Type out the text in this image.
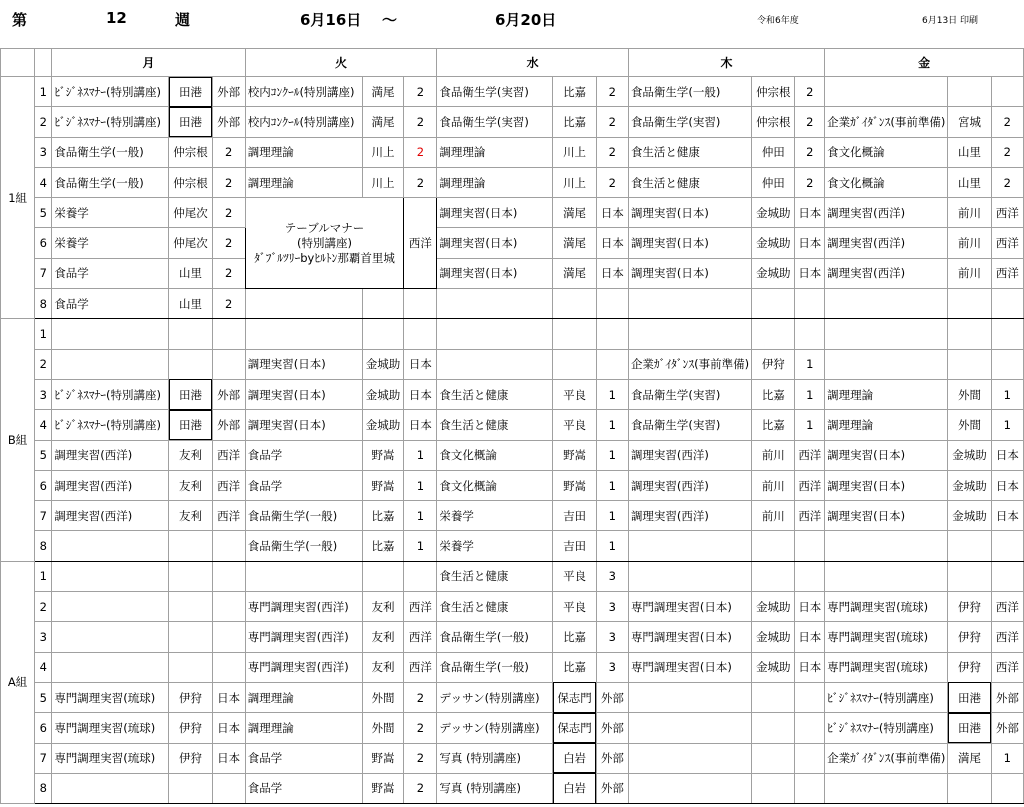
第	12	週	6月16日 ～	6月20日	令和6年度	6月13日 印刷
		月			火			水			木			金		
1組	1	ﾋﾞｼﾞﾈｽﾏﾅｰ(特別講座)	田港	外部	校内ｺﾝｸｰﾙ(特別講座)	満尾	2	食品衛生学(実習)	比嘉	2	食品衛生学(一般)	仲宗根	2			
	2	ﾋﾞｼﾞﾈｽﾏﾅｰ(特別講座)	田港	外部	校内ｺﾝｸｰﾙ(特別講座)	満尾	2	食品衛生学(実習)	比嘉	2	食品衛生学(実習)	仲宗根	2	企業ｶﾞｲﾀﾞﾝｽ(事前準備)	宮城	2
	3	食品衛生学(一般)	仲宗根	2	調理理論	川上	2	調理理論	川上	2	食生活と健康	仲田	2	食文化概論	山里	2
	4	食品衛生学(一般)	仲宗根	2	調理理論	川上	2	調理理論	川上	2	食生活と健康	仲田	2	食文化概論	山里	2
	5	栄養学	仲尾次	2	テーブルマナー
(特別講座)
ﾀﾞﾌﾞﾙﾂﾘｰbyﾋﾙﾄﾝ那覇首里城		西洋	調理実習(日本)	満尾	日本	調理実習(日本)	金城助	日本	調理実習(西洋)	前川	西洋
	6	栄養学	仲尾次	2				調理実習(日本)	満尾	日本	調理実習(日本)	金城助	日本	調理実習(西洋)	前川	西洋
	7	食品学	山里	2				調理実習(日本)	満尾	日本	調理実習(日本)	金城助	日本	調理実習(西洋)	前川	西洋
	8	食品学	山里	2												
B組	1															
	2				調理実習(日本)	金城助	日本				企業ｶﾞｲﾀﾞﾝｽ(事前準備)	伊狩	1			
	3	ﾋﾞｼﾞﾈｽﾏﾅｰ(特別講座)	田港	外部	調理実習(日本)	金城助	日本	食生活と健康	平良	1	食品衛生学(実習)	比嘉	1	調理理論	外間	1
	4	ﾋﾞｼﾞﾈｽﾏﾅｰ(特別講座)	田港	外部	調理実習(日本)	金城助	日本	食生活と健康	平良	1	食品衛生学(実習)	比嘉	1	調理理論	外間	1
	5	調理実習(西洋)	友利	西洋	食品学	野嵩	1	食文化概論	野嵩	1	調理実習(西洋)	前川	西洋	調理実習(日本)	金城助	日本
	6	調理実習(西洋)	友利	西洋	食品学	野嵩	1	食文化概論	野嵩	1	調理実習(西洋)	前川	西洋	調理実習(日本)	金城助	日本
	7	調理実習(西洋)	友利	西洋	食品衛生学(一般)	比嘉	1	栄養学	吉田	1	調理実習(西洋)	前川	西洋	調理実習(日本)	金城助	日本
	8				食品衛生学(一般)	比嘉	1	栄養学	吉田	1						
A組	1							食生活と健康	平良	3						
	2				専門調理実習(西洋)	友利	西洋	食生活と健康	平良	3	専門調理実習(日本)	金城助	日本	専門調理実習(琉球)	伊狩	西洋
	3				専門調理実習(西洋)	友利	西洋	食品衛生学(一般)	比嘉	3	専門調理実習(日本)	金城助	日本	専門調理実習(琉球)	伊狩	西洋
	4				専門調理実習(西洋)	友利	西洋	食品衛生学(一般)	比嘉	3	専門調理実習(日本)	金城助	日本	専門調理実習(琉球)	伊狩	西洋
	5	専門調理実習(琉球)	伊狩	日本	調理理論	外間	2	デッサン(特別講座)	保志門	外部				ﾋﾞｼﾞﾈｽﾏﾅｰ(特別講座)	田港	外部
	6	専門調理実習(琉球)	伊狩	日本	調理理論	外間	2	デッサン(特別講座)	保志門	外部				ﾋﾞｼﾞﾈｽﾏﾅｰ(特別講座)	田港	外部
	7	専門調理実習(琉球)	伊狩	日本	食品学	野嵩	2	写真 (特別講座)	白岩	外部				企業ｶﾞｲﾀﾞﾝｽ(事前準備)	満尾	1
	8				食品学	野嵩	2	写真 (特別講座)	白岩	外部						
